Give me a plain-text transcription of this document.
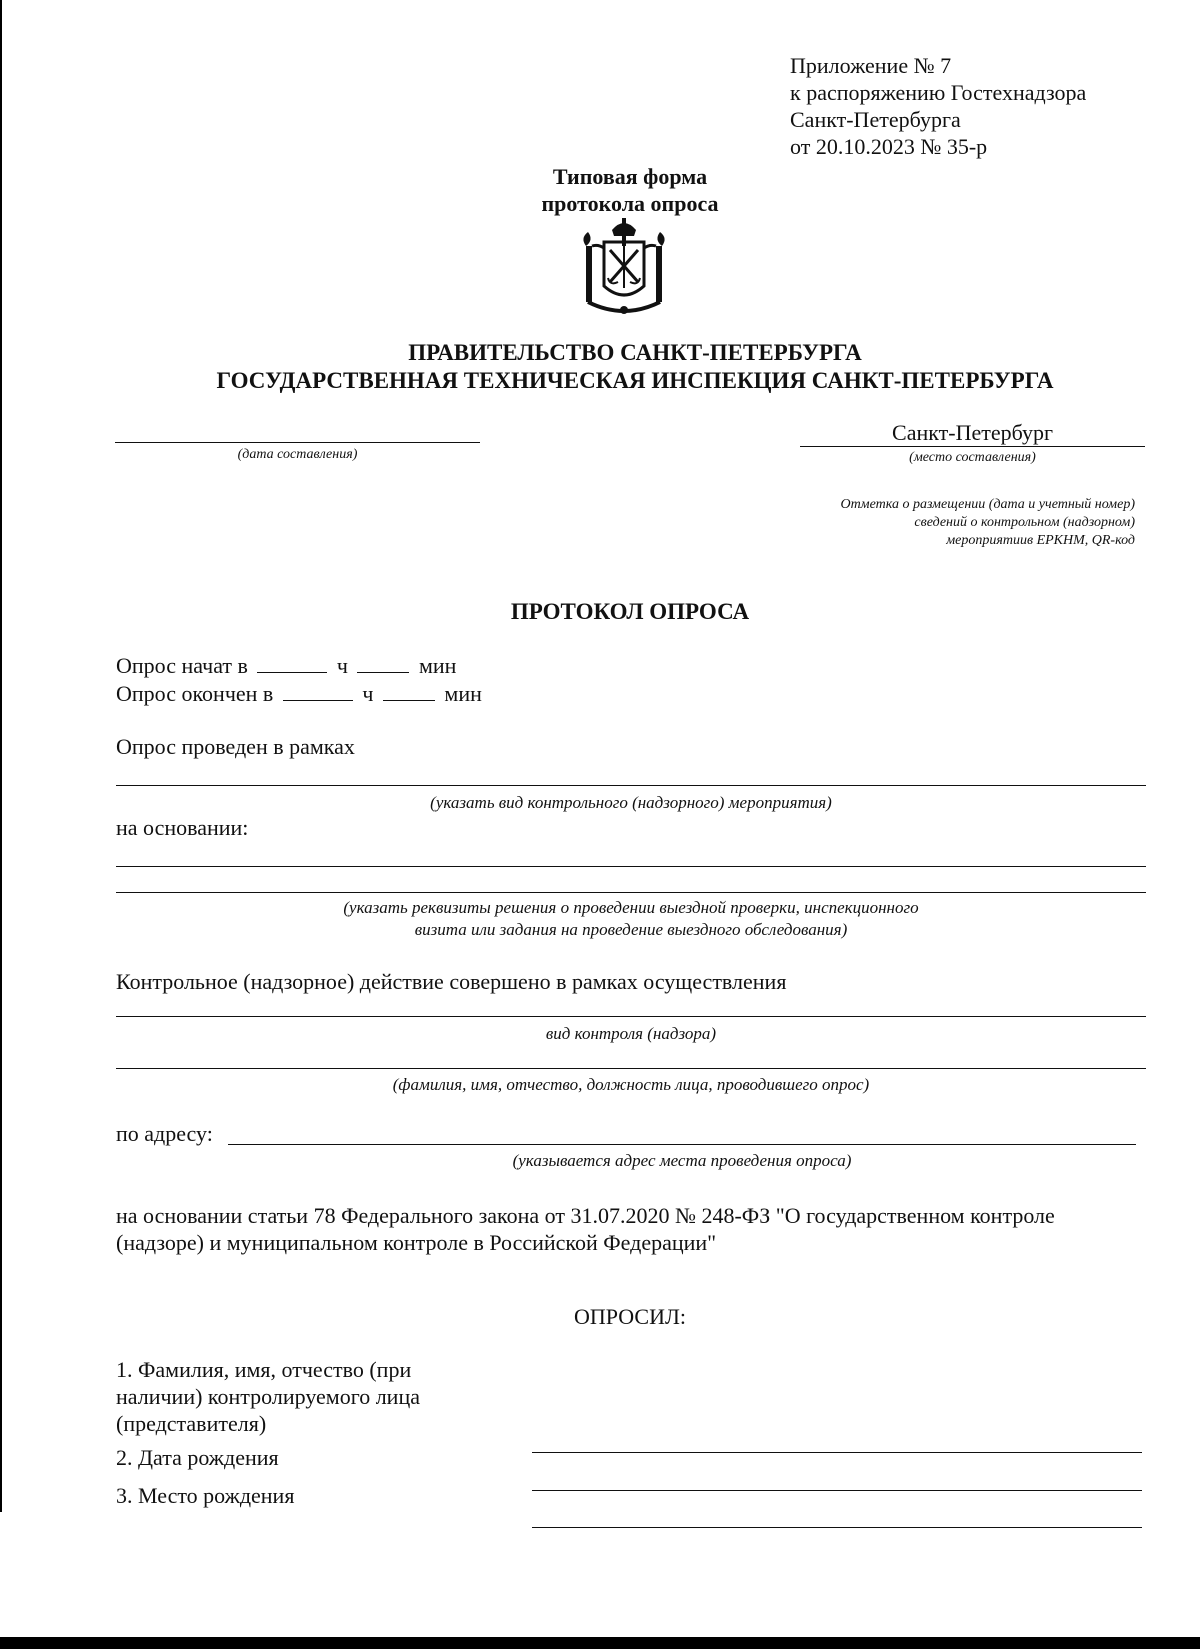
Приложение № 7
к распоряжению Гостехнадзора
Санкт-Петербурга
от 20.10.2023 № 35-р
Типовая форма
протокола опроса
ПРАВИТЕЛЬСТВО САНКТ-ПЕТЕРБУРГА
ГОСУДАРСТВЕННАЯ ТЕХНИЧЕСКАЯ ИНСПЕКЦИЯ САНКТ-ПЕТЕРБУРГА
(дата составления)
Санкт-Петербург
(место составления)
Отметка о размещении (дата и учетный номер)
сведений о контрольном (надзорном)
мероприятиив ЕРКНМ, QR-код
ПРОТОКОЛ ОПРОСА
Опрос начат в	ч	мин
Опрос окончен в	ч	мин
Опрос проведен в рамках
(указать вид контрольного (надзорного) мероприятия)
на основании:
(указать реквизиты решения о проведении выездной проверки, инспекционного
визита или задания на проведение выездного обследования)
Контрольное (надзорное) действие совершено в рамках осуществления
вид контроля (надзора)
(фамилия, имя, отчество, должность лица, проводившего опрос)
по адресу:
(указывается адрес места проведения опроса)
на основании статьи 78 Федерального закона от 31.07.2020 № 248-ФЗ "О государственном контроле
(надзоре) и муниципальном контроле в Российской Федерации"
ОПРОСИЛ:
1. Фамилия, имя, отчество (при
наличии) контролируемого лица
(представителя)
2. Дата рождения
3. Место рождения
